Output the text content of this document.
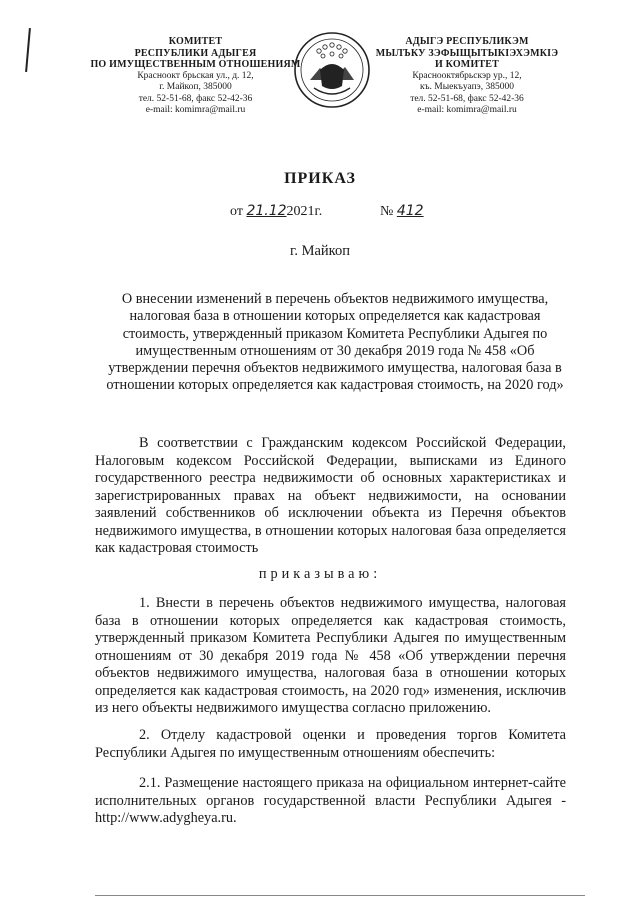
КОМИТЕТ
РЕСПУБЛИКИ АДЫГЕЯ
ПО ИМУЩЕСТВЕННЫМ ОТНОШЕНИЯМ
Красноокт брьская ул., д. 12,
г. Майкоп, 385000
тел. 52-51-68, факс 52-42-36
e-mail: komimra@mail.ru
АДЫГЭ РЕСПУБЛИКЭМ
МЫЛЪКУ ЗЭФЫЩЫТЫКІЭХЭМКІЭ
И КОМИТЕТ
Краснооктябрьскэр ур., 12,
къ. Мыекъуапэ, 385000
тел. 52-51-68, факс 52-42-36
e-mail: komimra@mail.ru
ПРИКАЗ
от 21.122021г.	№ 412
г. Майкоп
О внесении изменений в перечень объектов недвижимого имущества, налоговая база в отношении которых определяется как кадастровая стоимость, утвержденный приказом Комитета Республики Адыгея по имущественным отношениям от 30 декабря 2019 года № 458 «Об утверждении перечня объектов недвижимого имущества, налоговая база в отношении которых определяется как кадастровая стоимость, на 2020 год»

В соответствии с Гражданским кодексом Российской Федерации, Налоговым кодексом Российской Федерации, выписками из Единого государственного реестра недвижимости об основных характеристиках и зарегистрированных правах на объект недвижимости, на основании заявлений собственников об исключении объекта из Перечня объектов недвижимого имущества, в отношении которых налоговая база определяется как кадастровая стоимость

приказываю:

1. Внести в перечень объектов недвижимого имущества, налоговая база в отношении которых определяется как кадастровая стоимость, утвержденный приказом Комитета Республики Адыгея по имущественным отношениям от 30 декабря 2019 года № 458 «Об утверждении перечня объектов недвижимого имущества, налоговая база в отношении которых определяется как кадастровая стоимость, на 2020 год» изменения, исключив из него объекты недвижимого имущества согласно приложению.

2. Отделу кадастровой оценки и проведения торгов Комитета Республики Адыгея по имущественным отношениям обеспечить:

2.1. Размещение настоящего приказа на официальном интернет-сайте исполнительных органов государственной власти Республики Адыгея - http://www.adygheya.ru.
